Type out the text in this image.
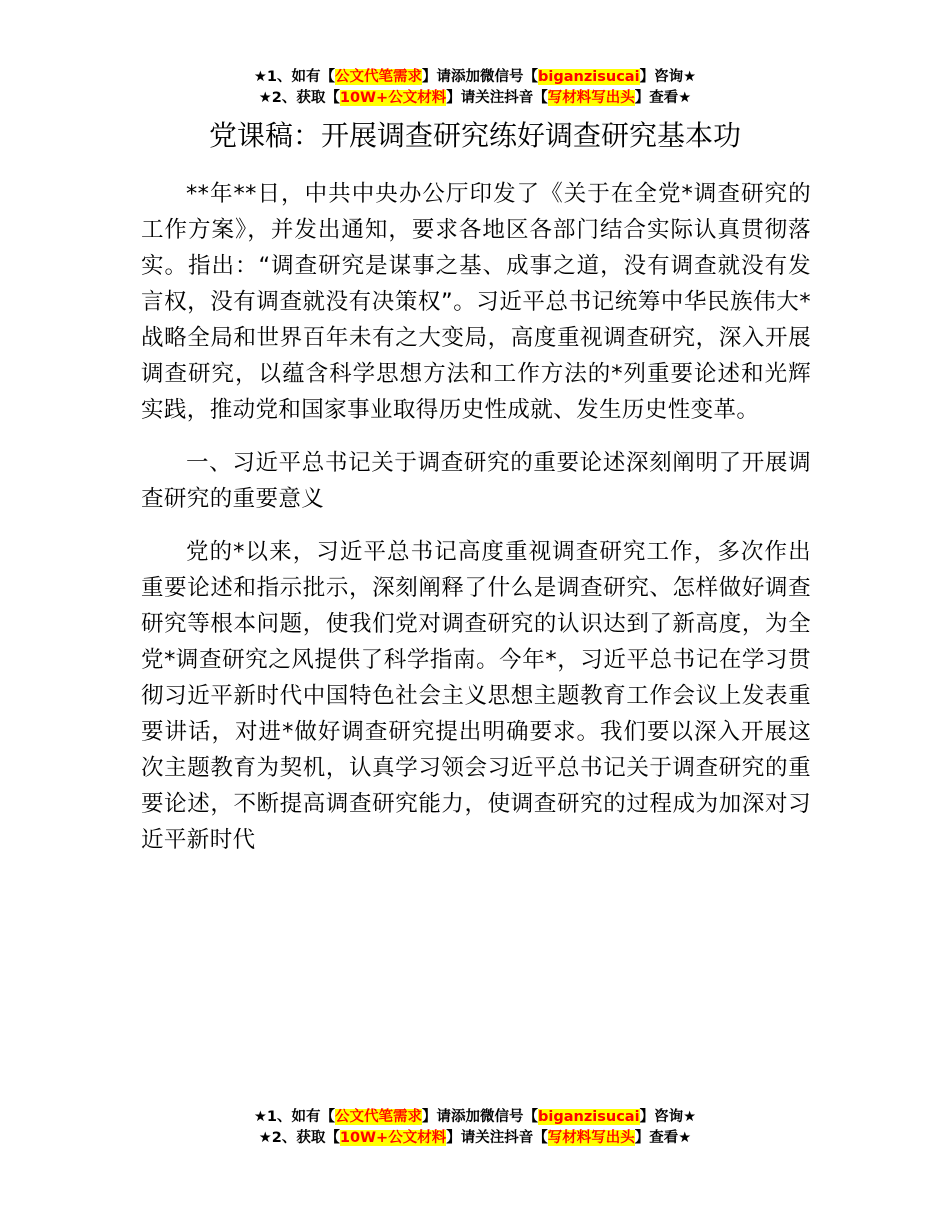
★1、如有【公文代笔需求】请添加微信号【biganzisucai】咨询★
★2、获取【10W+公文材料】请关注抖音【写材料写出头】查看★
党课稿：开展调查研究练好调查研究基本功

**年**日，中共中央办公厅印发了《关于在全党*调查研究的工作方案》，并发出通知，要求各地区各部门结合实际认真贯彻落实。指出：“调查研究是谋事之基、成事之道，没有调查就没有发言权，没有调查就没有决策权”。习近平总书记统筹中华民族伟大*战略全局和世界百年未有之大变局，高度重视调查研究，深入开展调查研究，以蕴含科学思想方法和工作方法的*列重要论述和光辉实践，推动党和国家事业取得历史性成就、发生历史性变革。

一、习近平总书记关于调查研究的重要论述深刻阐明了开展调查研究的重要意义

党的*以来，习近平总书记高度重视调查研究工作，多次作出重要论述和指示批示，深刻阐释了什么是调查研究、怎样做好调查研究等根本问题，使我们党对调查研究的认识达到了新高度，为全党*调查研究之风提供了科学指南。今年*，习近平总书记在学习贯彻习近平新时代中国特色社会主义思想主题教育工作会议上发表重要讲话，对进*做好调查研究提出明确要求。我们要以深入开展这次主题教育为契机，认真学习领会习近平总书记关于调查研究的重要论述，不断提高调查研究能力，使调查研究的过程成为加深对习近平新时代

★1、如有【公文代笔需求】请添加微信号【biganzisucai】咨询★
★2、获取【10W+公文材料】请关注抖音【写材料写出头】查看★
